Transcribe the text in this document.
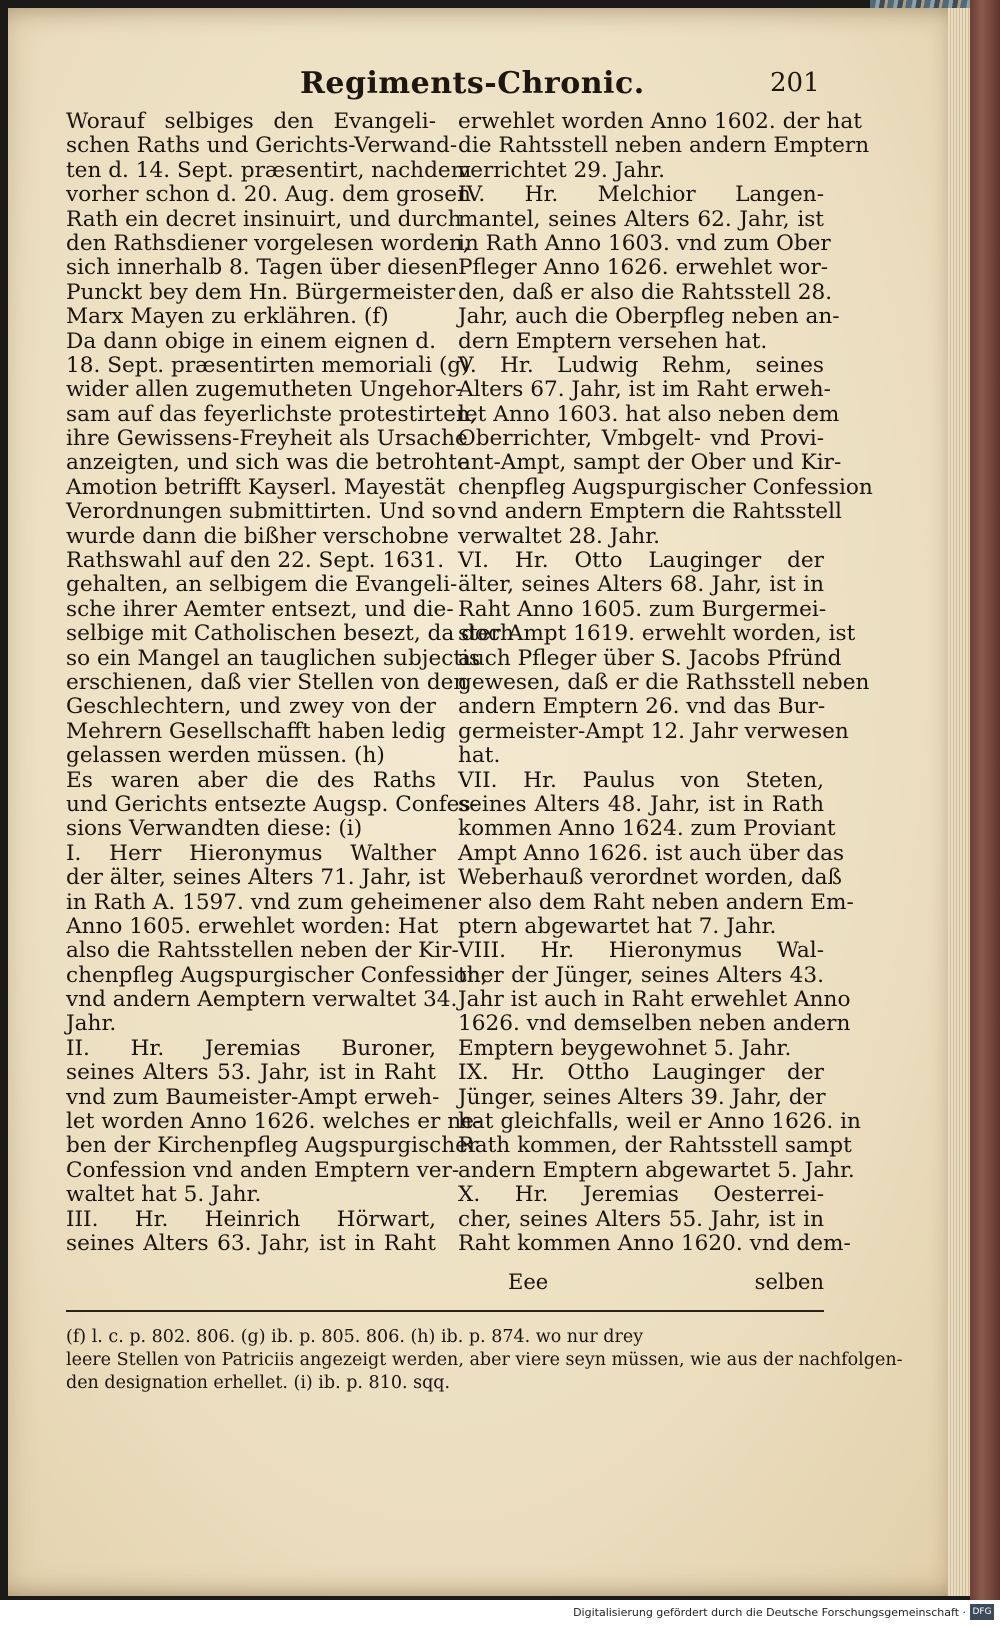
Regiments-Chronic.	201
Worauf selbiges den Evangeli-
schen Raths und Gerichts-Verwand-
ten d. 14. Sept. præsentirt, nachdem
vorher schon d. 20. Aug. dem grosen
Rath ein decret insinuirt, und durch
den Rathsdiener vorgelesen worden,
sich innerhalb 8. Tagen über diesen
Punckt bey dem Hn. Bürgermeister
Marx Mayen zu erklähren. (f)
Da dann obige in einem eignen d.
18. Sept. præsentirten memoriali (g)
wider allen zugemutheten Ungehor-
sam auf das feyerlichste protestirten,
ihre Gewissens-Freyheit als Ursache
anzeigten, und sich was die betrohte
Amotion betrifft Kayserl. Mayestät
Verordnungen submittirten. Und so
wurde dann die bißher verschobne
Rathswahl auf den 22. Sept. 1631.
gehalten, an selbigem die Evangeli-
sche ihrer Aemter entsezt, und die-
selbige mit Catholischen besezt, da doch
so ein Mangel an tauglichen subjectis
erschienen, daß vier Stellen von den
Geschlechtern, und zwey von der
Mehrern Gesellschafft haben ledig
gelassen werden müssen. (h)
Es waren aber die des Raths
und Gerichts entsezte Augsp. Confes-
sions Verwandten diese: (i)
I. Herr Hieronymus Walther
der älter, seines Alters 71. Jahr, ist
in Rath A. 1597. vnd zum geheimen
Anno 1605. erwehlet worden: Hat
also die Rahtsstellen neben der Kir-
chenpfleg Augspurgischer Confession,
vnd andern Aemptern verwaltet 34.
Jahr.
II. Hr. Jeremias Buroner,
seines Alters 53. Jahr, ist in Raht
vnd zum Baumeister-Ampt erweh-
let worden Anno 1626. welches er ne-
ben der Kirchenpfleg Augspurgischer
Confession vnd anden Emptern ver-
waltet hat 5. Jahr.
III. Hr. Heinrich Hörwart,
seines Alters 63. Jahr, ist in Raht
erwehlet worden Anno 1602. der hat
die Rahtsstell neben andern Emptern
verrichtet 29. Jahr.
IV. Hr. Melchior Langen-
mantel, seines Alters 62. Jahr, ist
in Rath Anno 1603. vnd zum Ober
Pfleger Anno 1626. erwehlet wor-
den, daß er also die Rahtsstell 28.
Jahr, auch die Oberpfleg neben an-
dern Emptern versehen hat.
V. Hr. Ludwig Rehm, seines
Alters 67. Jahr, ist im Raht erweh-
let Anno 1603. hat also neben dem
Oberrichter, Vmbgelt- vnd Provi-
ant-Ampt, sampt der Ober und Kir-
chenpfleg Augspurgischer Confession
vnd andern Emptern die Rahtsstell
verwaltet 28. Jahr.
VI. Hr. Otto Lauginger der
älter, seines Alters 68. Jahr, ist in
Raht Anno 1605. zum Burgermei-
ster Ampt 1619. erwehlt worden, ist
auch Pfleger über S. Jacobs Pfründ
gewesen, daß er die Rathsstell neben
andern Emptern 26. vnd das Bur-
germeister-Ampt 12. Jahr verwesen
hat.
VII. Hr. Paulus von Steten,
seines Alters 48. Jahr, ist in Rath
kommen Anno 1624. zum Proviant
Ampt Anno 1626. ist auch über das
Weberhauß verordnet worden, daß
er also dem Raht neben andern Em-
ptern abgewartet hat 7. Jahr.
VIII. Hr. Hieronymus Wal-
ther der Jünger, seines Alters 43.
Jahr ist auch in Raht erwehlet Anno
1626. vnd demselben neben andern
Emptern beygewohnet 5. Jahr.
IX. Hr. Ottho Lauginger der
Jünger, seines Alters 39. Jahr, der
hat gleichfalls, weil er Anno 1626. in
Rath kommen, der Rahtsstell sampt
andern Emptern abgewartet 5. Jahr.
X. Hr. Jeremias Oesterrei-
cher, seines Alters 55. Jahr, ist in
Raht kommen Anno 1620. vnd dem-
Eee	selben
(f) l. c. p. 802. 806. (g) ib. p. 805. 806. (h) ib. p. 874. wo nur drey
leere Stellen von Patriciis angezeigt werden, aber viere seyn müssen, wie aus der nachfolgen-
den designation erhellet. (i) ib. p. 810. sqq.
Digitalisierung gefördert durch die Deutsche Forschungsgemeinschaft · DFG
